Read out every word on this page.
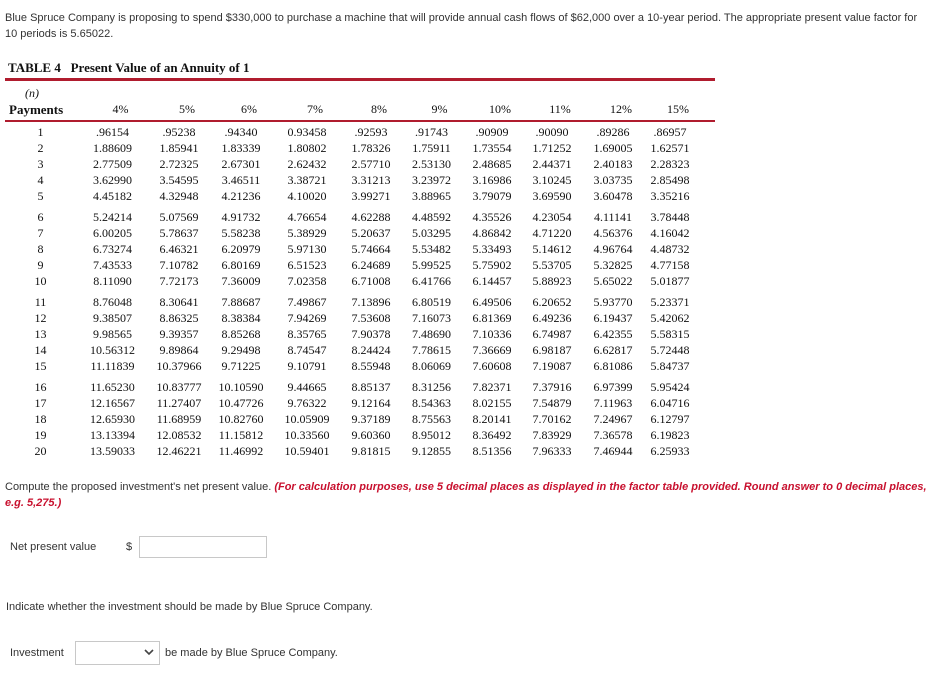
Blue Spruce Company is proposing to spend $330,000 to purchase a machine that will provide annual cash flows of $62,000 over a 10-year period. The appropriate present value factor for 10 periods is 5.65022.
TABLE 4 Present Value of an Annuity of 1
(n)
Payments	4%	5%	6%	7%	8%	9%	10%	11%	12%	15%
1	.96154	.95238	.94340	0.93458	.92593	.91743	.90909	.90090	.89286	.86957
2	1.88609	1.85941	1.83339	1.80802	1.78326	1.75911	1.73554	1.71252	1.69005	1.62571
3	2.77509	2.72325	2.67301	2.62432	2.57710	2.53130	2.48685	2.44371	2.40183	2.28323
4	3.62990	3.54595	3.46511	3.38721	3.31213	3.23972	3.16986	3.10245	3.03735	2.85498
5	4.45182	4.32948	4.21236	4.10020	3.99271	3.88965	3.79079	3.69590	3.60478	3.35216
6	5.24214	5.07569	4.91732	4.76654	4.62288	4.48592	4.35526	4.23054	4.11141	3.78448
7	6.00205	5.78637	5.58238	5.38929	5.20637	5.03295	4.86842	4.71220	4.56376	4.16042
8	6.73274	6.46321	6.20979	5.97130	5.74664	5.53482	5.33493	5.14612	4.96764	4.48732
9	7.43533	7.10782	6.80169	6.51523	6.24689	5.99525	5.75902	5.53705	5.32825	4.77158
10	8.11090	7.72173	7.36009	7.02358	6.71008	6.41766	6.14457	5.88923	5.65022	5.01877
11	8.76048	8.30641	7.88687	7.49867	7.13896	6.80519	6.49506	6.20652	5.93770	5.23371
12	9.38507	8.86325	8.38384	7.94269	7.53608	7.16073	6.81369	6.49236	6.19437	5.42062
13	9.98565	9.39357	8.85268	8.35765	7.90378	7.48690	7.10336	6.74987	6.42355	5.58315
14	10.56312	9.89864	9.29498	8.74547	8.24424	7.78615	7.36669	6.98187	6.62817	5.72448
15	11.11839	10.37966	9.71225	9.10791	8.55948	8.06069	7.60608	7.19087	6.81086	5.84737
16	11.65230	10.83777	10.10590	9.44665	8.85137	8.31256	7.82371	7.37916	6.97399	5.95424
17	12.16567	11.27407	10.47726	9.76322	9.12164	8.54363	8.02155	7.54879	7.11963	6.04716
18	12.65930	11.68959	10.82760	10.05909	9.37189	8.75563	8.20141	7.70162	7.24967	6.12797
19	13.13394	12.08532	11.15812	10.33560	9.60360	8.95012	8.36492	7.83929	7.36578	6.19823
20	13.59033	12.46221	11.46992	10.59401	9.81815	9.12855	8.51356	7.96333	7.46944	6.25933
Compute the proposed investment's net present value. (For calculation purposes, use 5 decimal places as displayed in the factor table provided. Round answer to 0 decimal places, e.g. 5,275.)
Net present value	$
Indicate whether the investment should be made by Blue Spruce Company.
Investment	be made by Blue Spruce Company.
